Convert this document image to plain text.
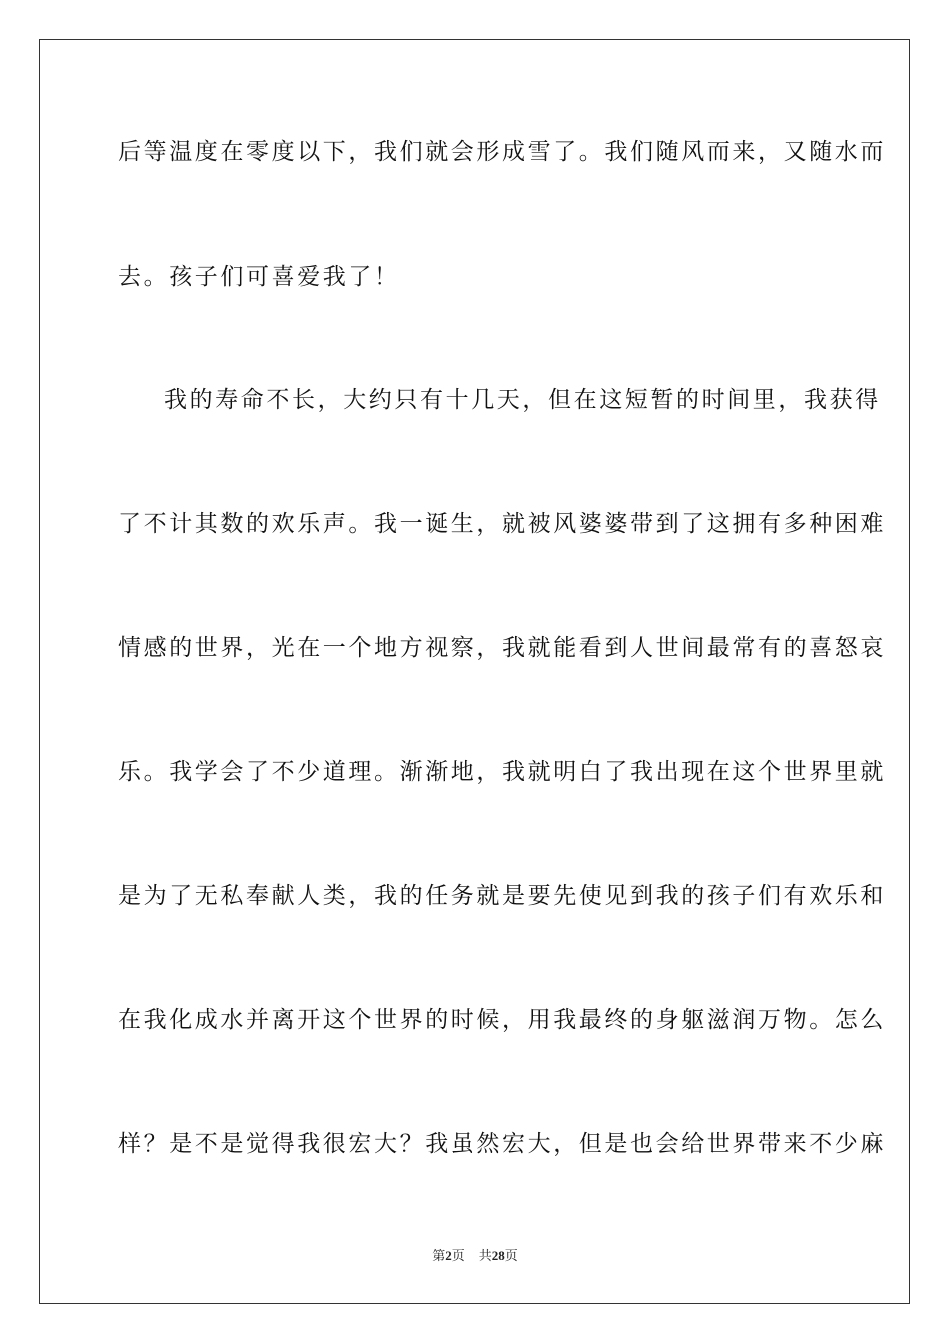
后等温度在零度以下，我们就会形成雪了。我们随风而来，又随水而
去。孩子们可喜爱我了！
我的寿命不长，大约只有十几天，但在这短暂的时间里，我获得
了不计其数的欢乐声。我一诞生，就被风婆婆带到了这拥有多种困难
情感的世界，光在一个地方视察，我就能看到人世间最常有的喜怒哀
乐。我学会了不少道理。渐渐地，我就明白了我出现在这个世界里就
是为了无私奉献人类，我的任务就是要先使见到我的孩子们有欢乐和
在我化成水并离开这个世界的时候，用我最终的身躯滋润万物。怎么
样？是不是觉得我很宏大？我虽然宏大，但是也会给世界带来不少麻
第2页 共28页
